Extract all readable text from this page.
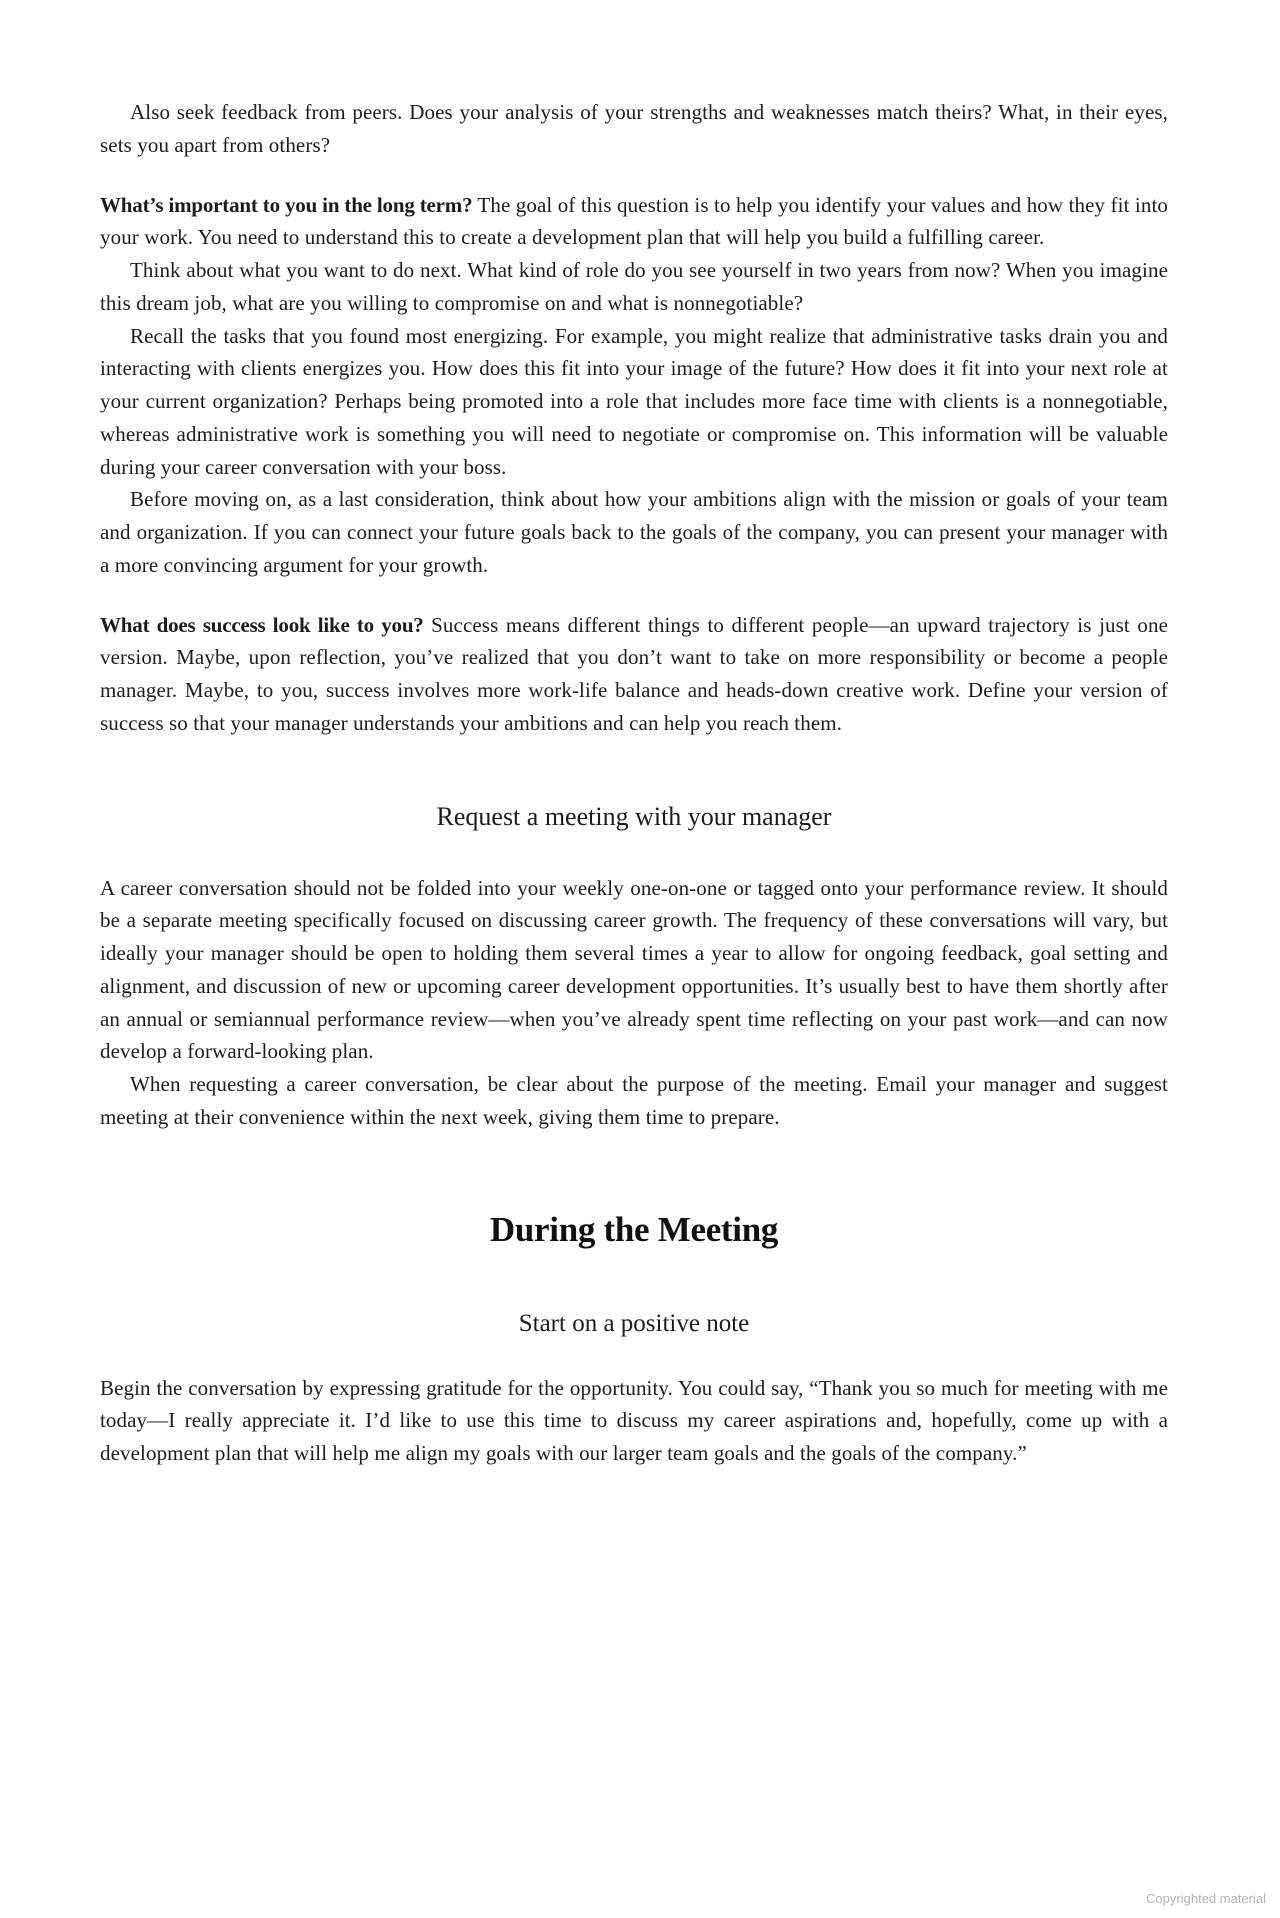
Also seek feedback from peers. Does your analysis of your strengths and weaknesses match theirs? What, in their eyes, sets you apart from others?

What’s important to you in the long term? The goal of this question is to help you identify your values and how they fit into your work. You need to understand this to create a development plan that will help you build a fulfilling career.

Think about what you want to do next. What kind of role do you see yourself in two years from now? When you imagine this dream job, what are you willing to compromise on and what is nonnegotiable?

Recall the tasks that you found most energizing. For example, you might realize that administrative tasks drain you and interacting with clients energizes you. How does this fit into your image of the future? How does it fit into your next role at your current organization? Perhaps being promoted into a role that includes more face time with clients is a nonnegotiable, whereas administrative work is something you will need to negotiate or compromise on. This information will be valuable during your career conversation with your boss.

Before moving on, as a last consideration, think about how your ambitions align with the mission or goals of your team and organization. If you can connect your future goals back to the goals of the company, you can present your manager with a more convincing argument for your growth.

What does success look like to you? Success means different things to different people—an upward trajectory is just one version. Maybe, upon reflection, you’ve realized that you don’t want to take on more responsibility or become a people manager. Maybe, to you, success involves more work-life balance and heads-down creative work. Define your version of success so that your manager understands your ambitions and can help you reach them.

Request a meeting with your manager

A career conversation should not be folded into your weekly one-on-one or tagged onto your performance review. It should be a separate meeting specifically focused on discussing career growth. The frequency of these conversations will vary, but ideally your manager should be open to holding them several times a year to allow for ongoing feedback, goal setting and alignment, and discussion of new or upcoming career development opportunities. It’s usually best to have them shortly after an annual or semiannual performance review—when you’ve already spent time reflecting on your past work—and can now develop a forward-looking plan.

When requesting a career conversation, be clear about the purpose of the meeting. Email your manager and suggest meeting at their convenience within the next week, giving them time to prepare.

During the Meeting
Start on a positive note

Begin the conversation by expressing gratitude for the opportunity. You could say, “Thank you so much for meeting with me today—I really appreciate it. I’d like to use this time to discuss my career aspirations and, hopefully, come up with a development plan that will help me align my goals with our larger team goals and the goals of the company.”

Copyrighted material
